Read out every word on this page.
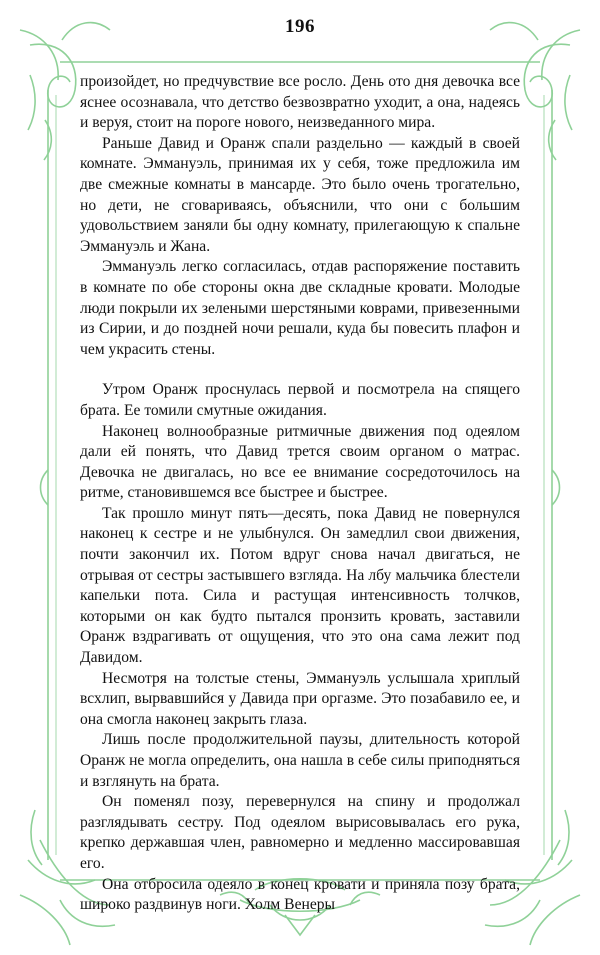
196

произойдет, но предчувствие все росло. День ото дня девочка все яснее осознавала, что детство безвозвратно уходит, а она, надеясь и веруя, стоит на пороге нового, неизведанного мира.

Раньше Давид и Оранж спали раздельно — каждый в своей комнате. Эммануэль, принимая их у себя, тоже предложила им две смежные комнаты в мансарде. Это было очень трогательно, но дети, не сговариваясь, объяснили, что они с большим удовольствием заняли бы одну комнату, прилегающую к спальне Эммануэль и Жана.

Эммануэль легко согласилась, отдав распоряжение поставить в комнате по обе стороны окна две складные кровати. Молодые люди покрыли их зелеными шерстяными коврами, привезенными из Сирии, и до поздней ночи решали, куда бы повесить плафон и чем украсить стены.

Утром Оранж проснулась первой и посмотрела на спящего брата. Ее томили смутные ожидания.

Наконец волнообразные ритмичные движения под одеялом дали ей понять, что Давид трется своим органом о матрас. Девочка не двигалась, но все ее внимание сосредоточилось на ритме, становившемся все быстрее и быстрее.

Так прошло минут пять—десять, пока Давид не повернулся наконец к сестре и не улыбнулся. Он замедлил свои движения, почти закончил их. Потом вдруг снова начал двигаться, не отрывая от сестры застывшего взгляда. На лбу мальчика блестели капельки пота. Сила и растущая интенсивность толчков, которыми он как будто пытался пронзить кровать, заставили Оранж вздрагивать от ощущения, что это она сама лежит под Давидом.

Несмотря на толстые стены, Эммануэль услышала хриплый всхлип, вырвавшийся у Давида при оргазме. Это позабавило ее, и она смогла наконец закрыть глаза.

Лишь после продолжительной паузы, длительность которой Оранж не могла определить, она нашла в себе силы приподняться и взглянуть на брата.

Он поменял позу, перевернулся на спину и продолжал разглядывать сестру. Под одеялом вырисовывалась его рука, крепко державшая член, равномерно и медленно массировавшая его.

Она отбросила одеяло в конец кровати и приняла позу брата, широко раздвинув ноги. Холм Венеры
